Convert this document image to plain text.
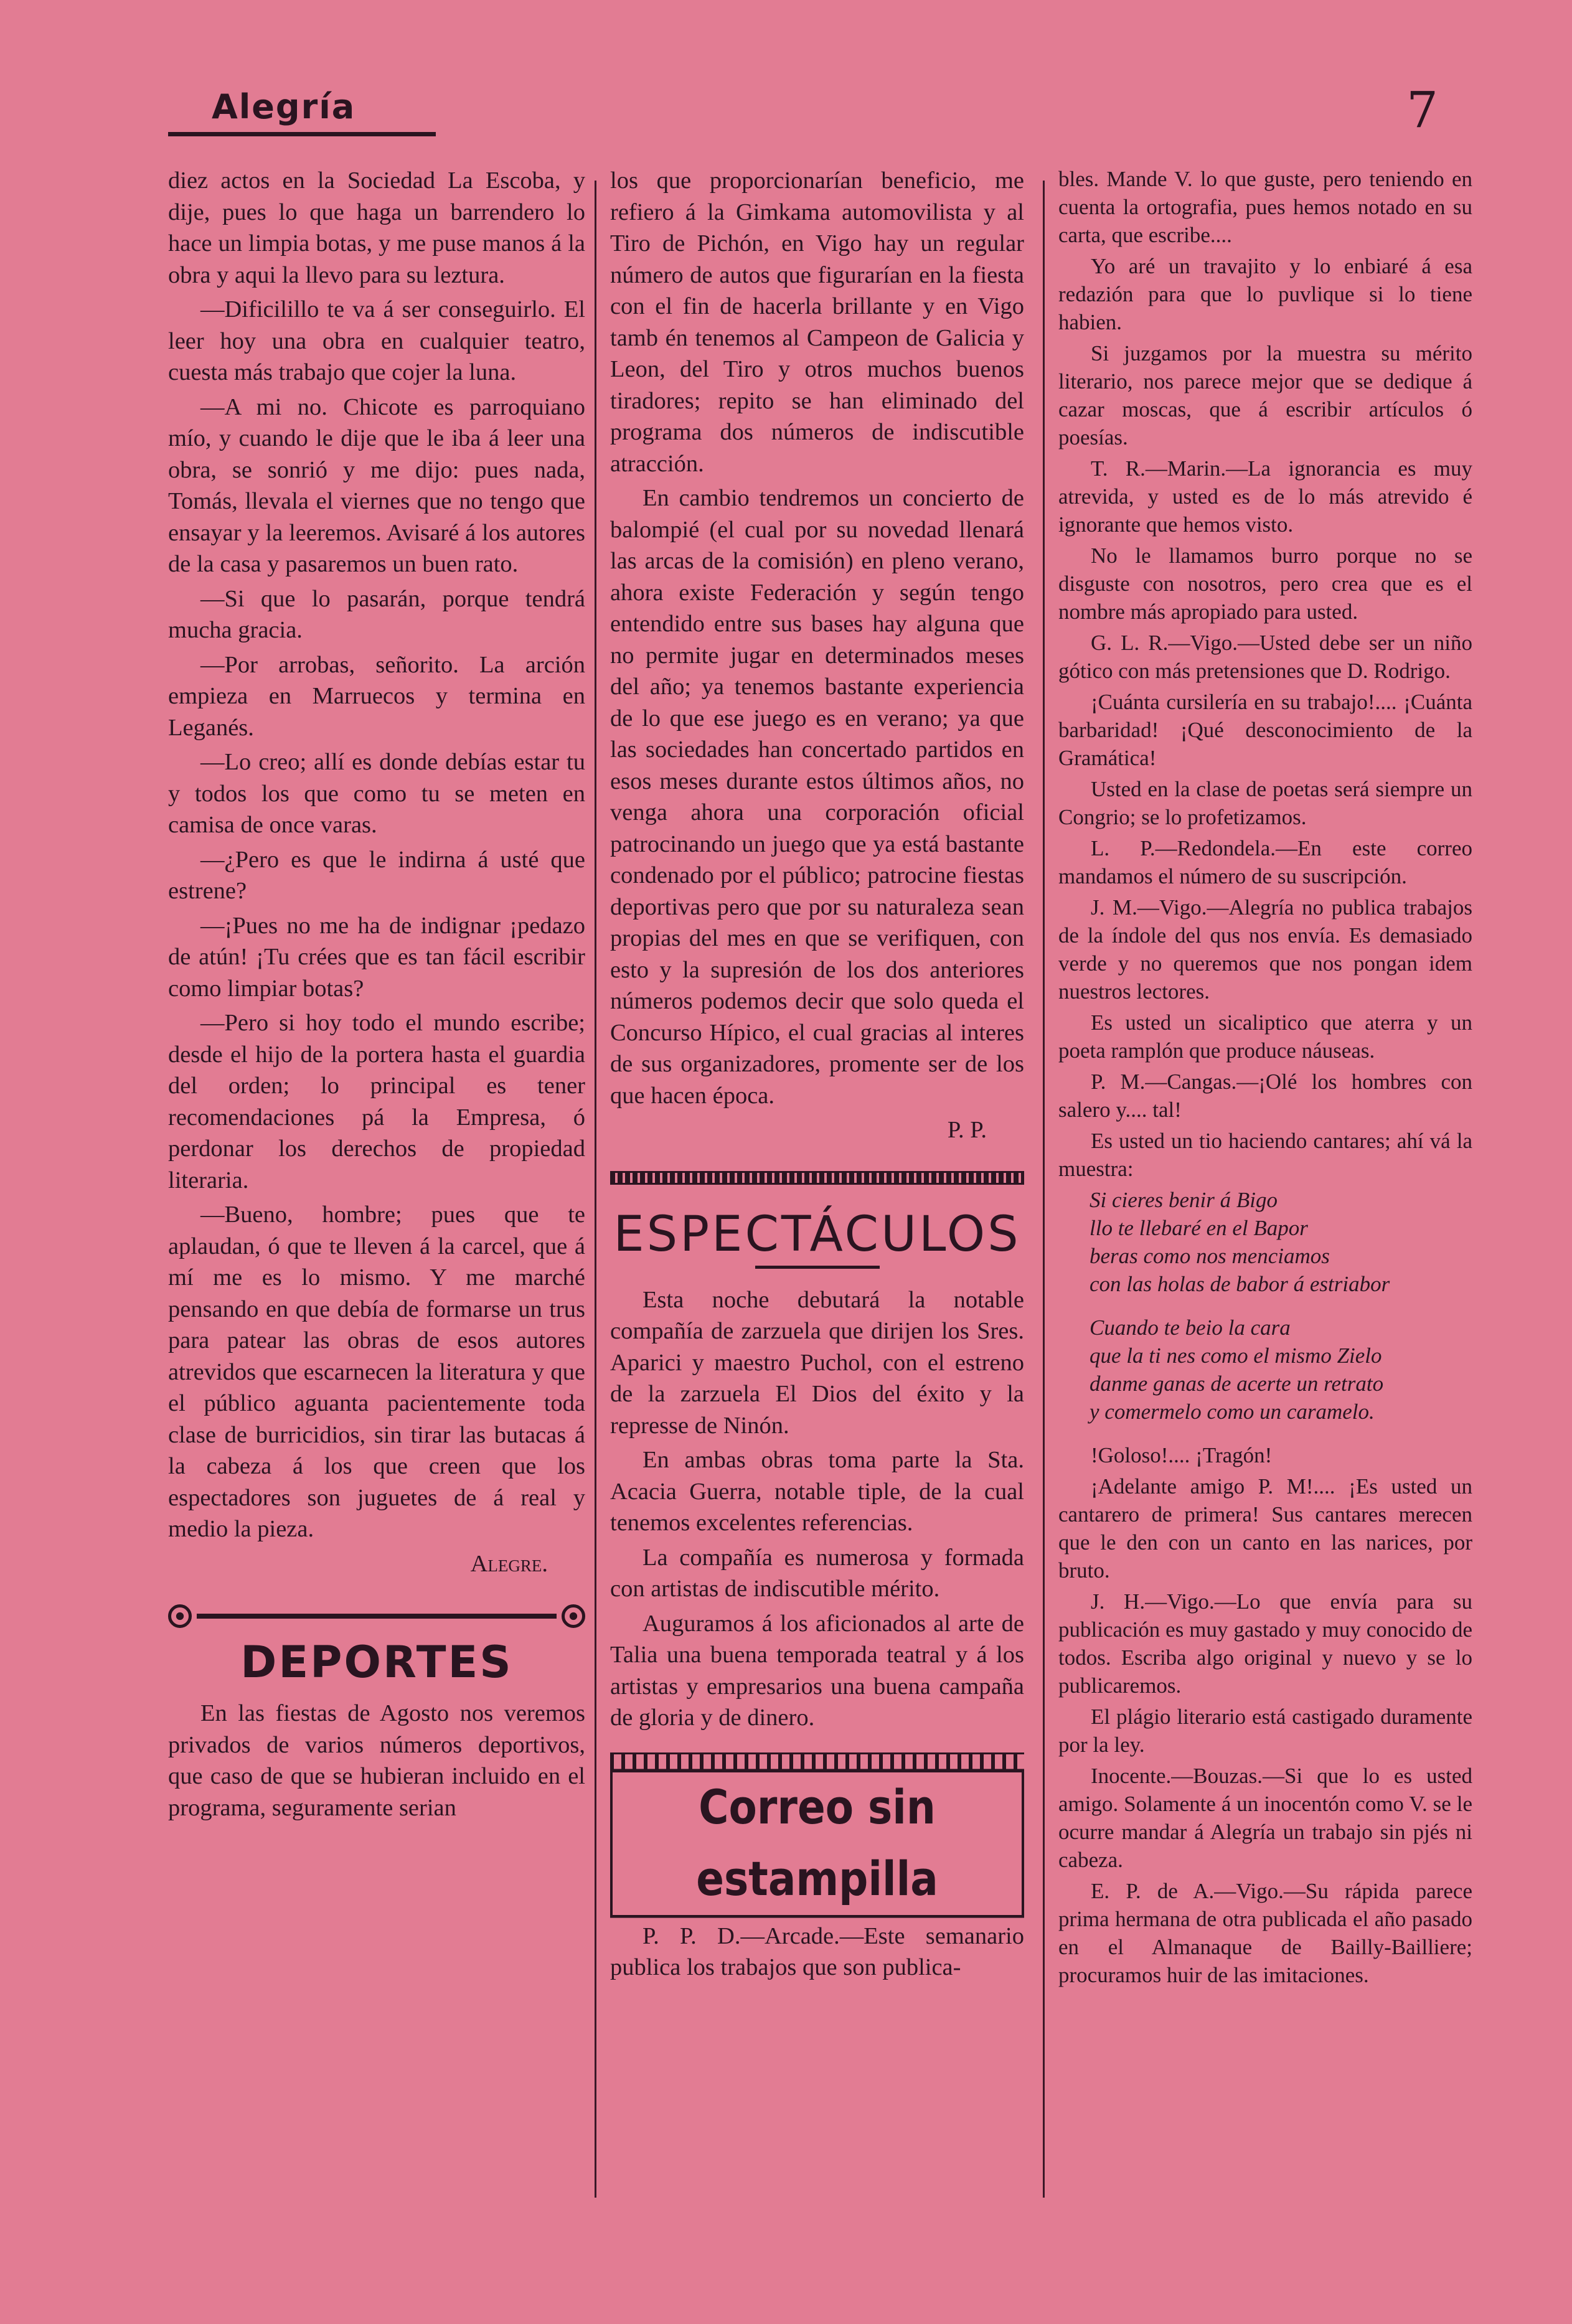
Alegría	7

diez actos en la Sociedad La Escoba, y dije, pues lo que haga un barrendero lo hace un limpia botas, y me puse manos á la obra y aqui la llevo para su leztura.

—Dificilillo te va á ser conseguirlo. El leer hoy una obra en cualquier teatro, cuesta más trabajo que cojer la luna.

—A mi no. Chicote es parroquiano mío, y cuando le dije que le iba á leer una obra, se sonrió y me dijo: pues nada, Tomás, llevala el viernes que no tengo que ensayar y la leeremos. Avisaré á los autores de la casa y pasaremos un buen rato.

—Si que lo pasarán, porque tendrá mucha gracia.

—Por arrobas, señorito. La arción empieza en Marruecos y termina en Leganés.

—Lo creo; allí es donde debías estar tu y todos los que como tu se meten en camisa de once varas.

—¿Pero es que le indirna á usté que estrene?

—¡Pues no me ha de indignar ¡pedazo de atún! ¡Tu crées que es tan fácil escribir como limpiar botas?

—Pero si hoy todo el mundo escribe; desde el hijo de la portera hasta el guardia del orden; lo principal es tener recomendaciones pá la Empresa, ó perdonar los derechos de propiedad literaria.

—Bueno, hombre; pues que te aplaudan, ó que te lleven á la carcel, que á mí me es lo mismo. Y me marché pensando en que debía de formarse un trus para patear las obras de esos autores atrevidos que escarnecen la literatura y que el público aguanta pacientemente toda clase de burricidios, sin tirar las butacas á la cabeza á los que creen que los espectadores son juguetes de á real y medio la pieza.

Alegre.
DEPORTES

En las fiestas de Agosto nos veremos privados de varios números deportivos, que caso de que se hubieran incluido en el programa, seguramente serian

los que proporcionarían beneficio, me refiero á la Gimkama automovilista y al Tiro de Pichón, en Vigo hay un regular número de autos que figurarían en la fiesta con el fin de hacerla brillante y en Vigo tamb én tenemos al Campeon de Galicia y Leon, del Tiro y otros muchos buenos tiradores; repito se han eliminado del programa dos números de indiscutible atracción.

En cambio tendremos un concierto de balompié (el cual por su novedad llenará las arcas de la comisión) en pleno verano, ahora existe Federación y según tengo entendido entre sus bases hay alguna que no permite jugar en determinados meses del año; ya tenemos bastante experiencia de lo que ese juego es en verano; ya que las sociedades han concertado partidos en esos meses durante estos últimos años, no venga ahora una corporación oficial patrocinando un juego que ya está bastante condenado por el público; patrocine fiestas deportivas pero que por su naturaleza sean propias del mes en que se verifiquen, con esto y la supresión de los dos anteriores números podemos decir que solo queda el Concurso Hípico, el cual gracias al interes de sus organizadores, promente ser de los que hacen época.

P. P.
ESPECTÁCULOS

Esta noche debutará la notable compañía de zarzuela que dirijen los Sres. Aparici y maestro Puchol, con el estreno de la zarzuela El Dios del éxito y la represse de Ninón.

En ambas obras toma parte la Sta. Acacia Guerra, notable tiple, de la cual tenemos excelentes referencias.

La compañía es numerosa y formada con artistas de indiscutible mérito.

Auguramos á los aficionados al arte de Talia una buena temporada teatral y á los artistas y empresarios una buena campaña de gloria y de dinero.

Correo sin estampilla

P. P. D.—Arcade.—Este semanario publica los trabajos que son publica-

bles. Mande V. lo que guste, pero teniendo en cuenta la ortografia, pues hemos notado en su carta, que escribe....

Yo aré un travajito y lo enbiaré á esa redazión para que lo puvlique si lo tiene habien.

Si juzgamos por la muestra su mérito literario, nos parece mejor que se dedique á cazar moscas, que á escribir artículos ó poesías.

T. R.—Marin.—La ignorancia es muy atrevida, y usted es de lo más atrevido é ignorante que hemos visto.

No le llamamos burro porque no se disguste con nosotros, pero crea que es el nombre más apropiado para usted.

G. L. R.—Vigo.—Usted debe ser un niño gótico con más pretensiones que D. Rodrigo.

¡Cuánta cursilería en su trabajo!.... ¡Cuánta barbaridad! ¡Qué desconocimiento de la Gramática!

Usted en la clase de poetas será siempre un Congrio; se lo profetizamos.

L. P.—Redondela.—En este correo mandamos el número de su suscripción.

J. M.—Vigo.—Alegría no publica trabajos de la índole del qus nos envía. Es demasiado verde y no queremos que nos pongan idem nuestros lectores.

Es usted un sicaliptico que aterra y un poeta ramplón que produce náuseas.

P. M.—Cangas.—¡Olé los hombres con salero y.... tal!

Es usted un tio haciendo cantares; ahí vá la muestra:

Si cieres benir á Bigo
llo te llebaré en el Bapor
beras como nos menciamos
con las holas de babor á estriabor

Cuando te beio la cara
que la ti nes como el mismo Zielo
danme ganas de acerte un retrato
y comermelo como un caramelo.

!Goloso!.... ¡Tragón!

¡Adelante amigo P. M!.... ¡Es usted un cantarero de primera! Sus cantares merecen que le den con un canto en las narices, por bruto.

J. H.—Vigo.—Lo que envía para su publicación es muy gastado y muy conocido de todos. Escriba algo original y nuevo y se lo publicaremos.

El plágio literario está castigado duramente por la ley.

Inocente.—Bouzas.—Si que lo es usted amigo. Solamente á un inocentón como V. se le ocurre mandar á Alegría un trabajo sin pjés ni cabeza.

E. P. de A.—Vigo.—Su rápida parece prima hermana de otra publicada el año pasado en el Almanaque de Bailly-Bailliere; procuramos huir de las imitaciones.
